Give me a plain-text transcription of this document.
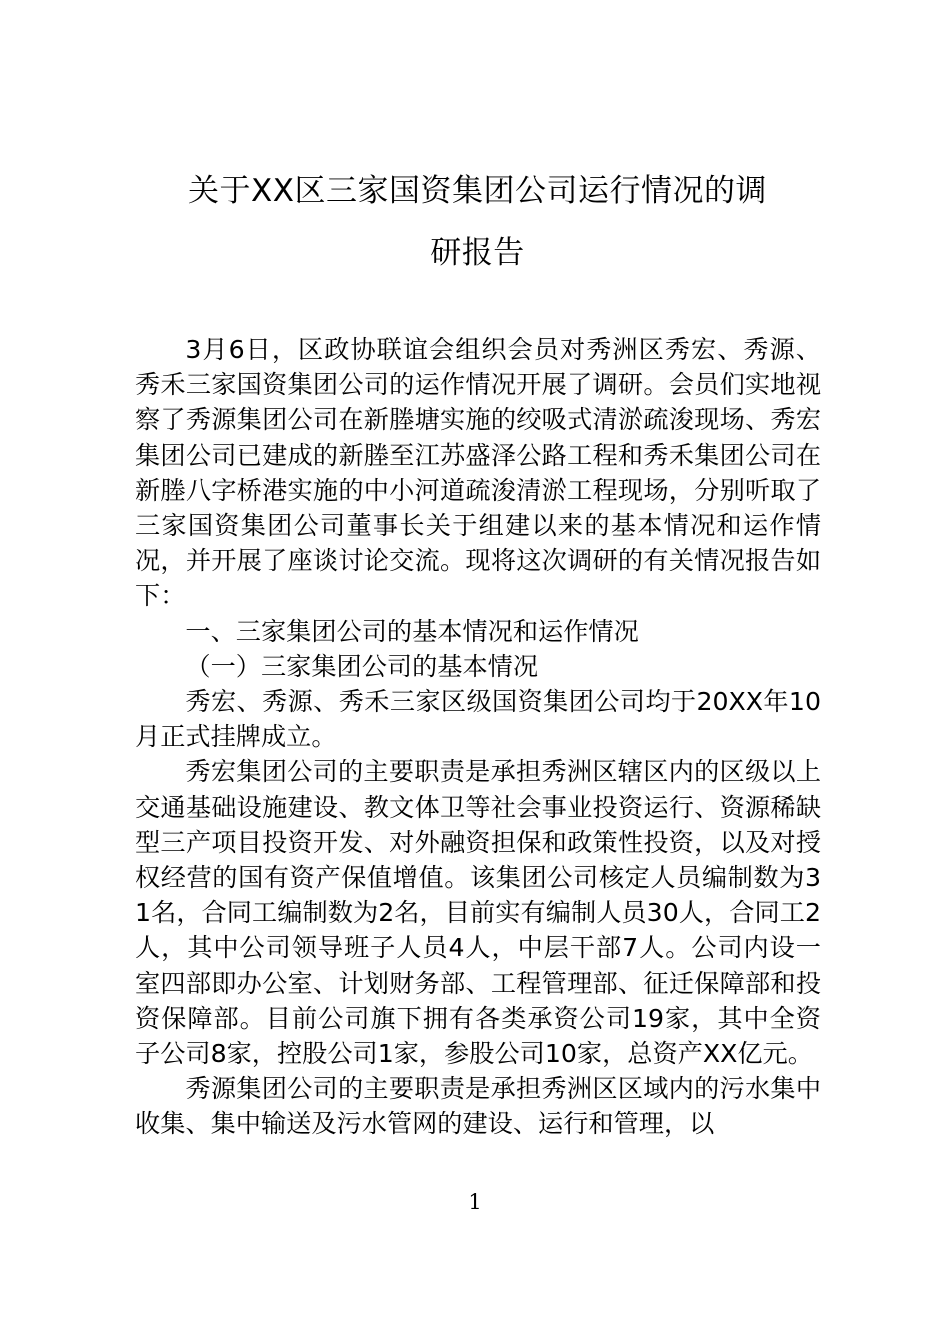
关于XX区三家国资集团公司运行情况的调
研报告

3月6日，区政协联谊会组织会员对秀洲区秀宏、秀源、秀禾三家国资集团公司的运作情况开展了调研。会员们实地视察了秀源集团公司在新塍塘实施的绞吸式清淤疏浚现场、秀宏集团公司已建成的新塍至江苏盛泽公路工程和秀禾集团公司在新塍八字桥港实施的中小河道疏浚清淤工程现场，分别听取了三家国资集团公司董事长关于组建以来的基本情况和运作情况，并开展了座谈讨论交流。现将这次调研的有关情况报告如下：

一、三家集团公司的基本情况和运作情况

（一）三家集团公司的基本情况

秀宏、秀源、秀禾三家区级国资集团公司均于20XX年10月正式挂牌成立。

秀宏集团公司的主要职责是承担秀洲区辖区内的区级以上交通基础设施建设、教文体卫等社会事业投资运行、资源稀缺型三产项目投资开发、对外融资担保和政策性投资，以及对授权经营的国有资产保值增值。该集团公司核定人员编制数为31名，合同工编制数为2名，目前实有编制人员30人，合同工2人，其中公司领导班子人员4人，中层干部7人。公司内设一室四部即办公室、计划财务部、工程管理部、征迁保障部和投资保障部。目前公司旗下拥有各类承资公司19家，其中全资子公司8家，控股公司1家，参股公司10家，总资产XX亿元。

秀源集团公司的主要职责是承担秀洲区区域内的污水集中收集、集中输送及污水管网的建设、运行和管理，以

1
